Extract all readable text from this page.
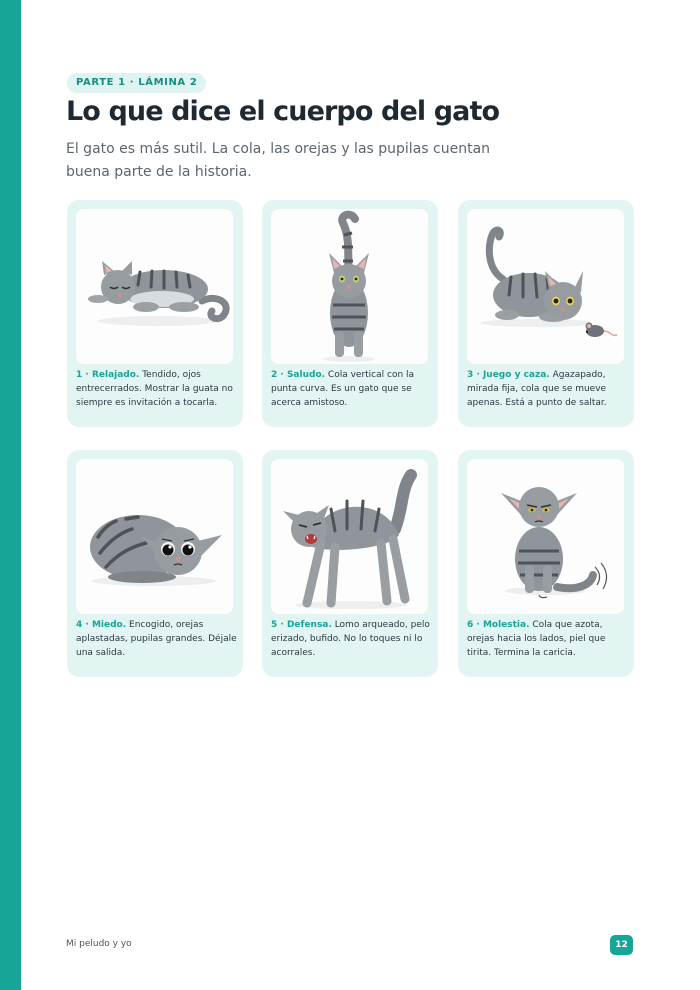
PARTE 1 · LÁMINA 2
Lo que dice el cuerpo del gato

El gato es más sutil. La cola, las orejas y las pupilas cuentan buena parte de la historia.

1 · Relajado. Tendido, ojos entrecerrados. Mostrar la guata no siempre es invitación a tocarla.

2 · Saludo. Cola vertical con la punta curva. Es un gato que se acerca amistoso.

3 · Juego y caza. Agazapado, mirada fija, cola que se mueve apenas. Está a punto de saltar.

4 · Miedo. Encogido, orejas aplastadas, pupilas grandes. Déjale una salida.

5 · Defensa. Lomo arqueado, pelo erizado, bufido. No lo toques ni lo acorrales.

6 · Molestia. Cola que azota, orejas hacia los lados, piel que tirita. Termina la caricia.

Mi peludo y yo	12
